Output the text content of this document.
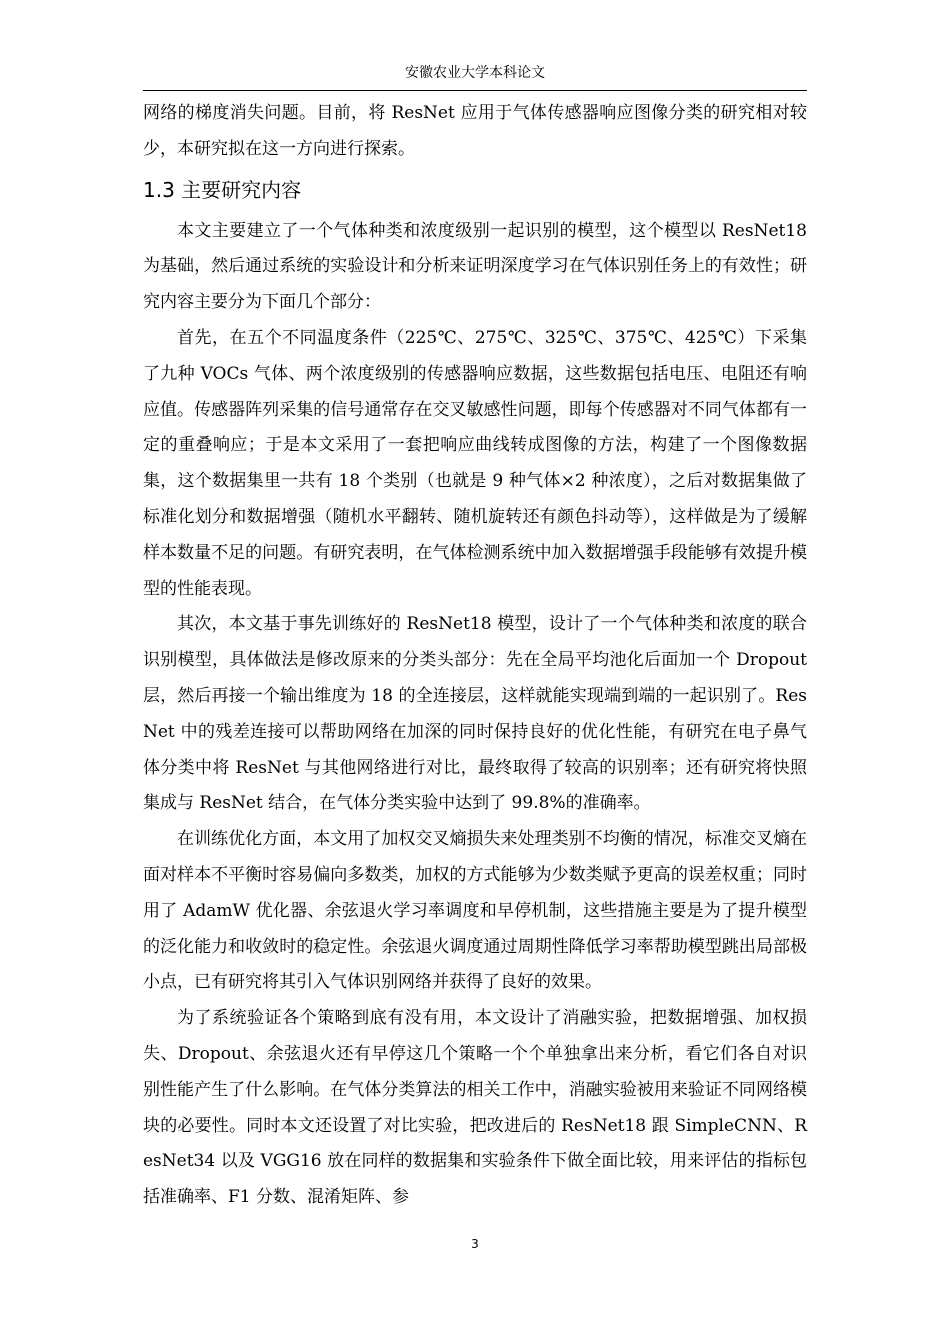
安徽农业大学本科论文

网络的梯度消失问题。目前，将 ResNet 应用于气体传感器响应图像分类的研究相对较少，本研究拟在这一方向进行探索。

1.3 主要研究内容

本文主要建立了一个气体种类和浓度级别一起识别的模型，这个模型以 ResNet18 为基础，然后通过系统的实验设计和分析来证明深度学习在气体识别任务上的有效性；研究内容主要分为下面几个部分：

首先，在五个不同温度条件（225℃、275℃、325℃、375℃、425℃）下采集了九种 VOCs 气体、两个浓度级别的传感器响应数据，这些数据包括电压、电阻还有响应值。传感器阵列采集的信号通常存在交叉敏感性问题，即每个传感器对不同气体都有一定的重叠响应；于是本文采用了一套把响应曲线转成图像的方法，构建了一个图像数据集，这个数据集里一共有 18 个类别（也就是 9 种气体×2 种浓度），之后对数据集做了标准化划分和数据增强（随机水平翻转、随机旋转还有颜色抖动等），这样做是为了缓解样本数量不足的问题。有研究表明，在气体检测系统中加入数据增强手段能够有效提升模型的性能表现。

其次，本文基于事先训练好的 ResNet18 模型，设计了一个气体种类和浓度的联合识别模型，具体做法是修改原来的分类头部分：先在全局平均池化后面加一个 Dropout 层，然后再接一个输出维度为 18 的全连接层，这样就能实现端到端的一起识别了。ResNet 中的残差连接可以帮助网络在加深的同时保持良好的优化性能，有研究在电子鼻气体分类中将 ResNet 与其他网络进行对比，最终取得了较高的识别率；还有研究将快照集成与 ResNet 结合，在气体分类实验中达到了 99.8%的准确率。

在训练优化方面，本文用了加权交叉熵损失来处理类别不均衡的情况，标准交叉熵在面对样本不平衡时容易偏向多数类，加权的方式能够为少数类赋予更高的误差权重；同时用了 AdamW 优化器、余弦退火学习率调度和早停机制，这些措施主要是为了提升模型的泛化能力和收敛时的稳定性。余弦退火调度通过周期性降低学习率帮助模型跳出局部极小点，已有研究将其引入气体识别网络并获得了良好的效果。

为了系统验证各个策略到底有没有用，本文设计了消融实验，把数据增强、加权损失、Dropout、余弦退火还有早停这几个策略一个个单独拿出来分析，看它们各自对识别性能产生了什么影响。在气体分类算法的相关工作中，消融实验被用来验证不同网络模块的必要性。同时本文还设置了对比实验，把改进后的 ResNet18 跟 SimpleCNN、ResNet34 以及 VGG16 放在同样的数据集和实验条件下做全面比较，用来评估的指标包括准确率、F1 分数、混淆矩阵、参

3
